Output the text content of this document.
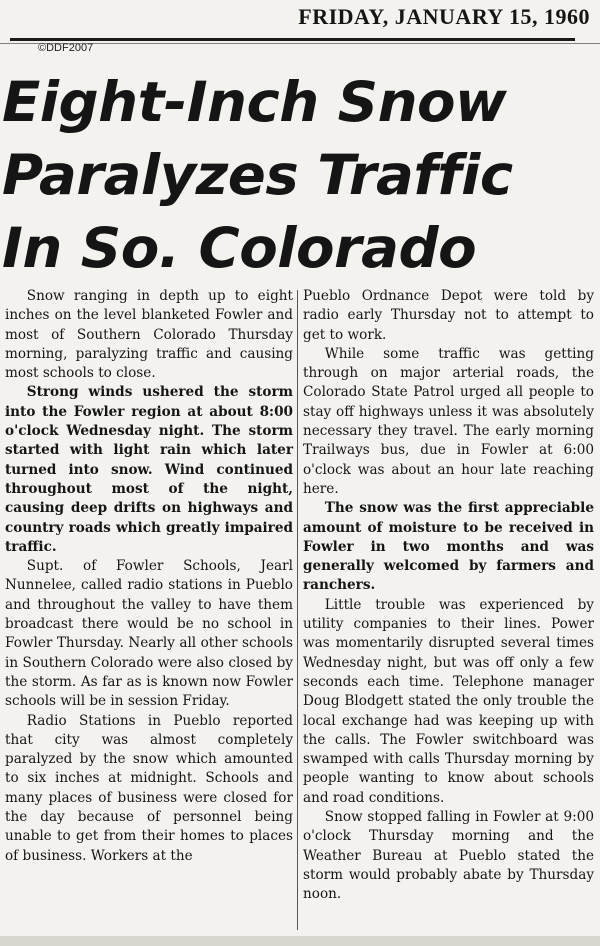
FRIDAY, JANUARY 15, 1960
©DDF2007
Eight-Inch Snow
Paralyzes Traffic
In So. Colorado

Snow ranging in depth up to eight inches on the level blanketed Fowler and most of Southern Colorado Thursday morning, paralyzing traffic and causing most schools to close.

Strong winds ushered the storm into the Fowler region at about 8:00 o'clock Wednesday night. The storm started with light rain which later turned into snow. Wind continued throughout most of the night, causing deep drifts on highways and country roads which greatly impaired traffic.

Supt. of Fowler Schools, Jearl Nunnelee, called radio stations in Pueblo and throughout the valley to have them broadcast there would be no school in Fowler Thursday. Nearly all other schools in Southern Colorado were also closed by the storm. As far as is known now Fowler schools will be in session Friday.

Radio Stations in Pueblo reported that city was almost completely paralyzed by the snow which amounted to six inches at midnight. Schools and many places of business were closed for the day because of personnel being unable to get from their homes to places of business. Workers at the

Pueblo Ordnance Depot were told by radio early Thursday not to attempt to get to work.

While some traffic was getting through on major arterial roads, the Colorado State Patrol urged all people to stay off highways unless it was absolutely necessary they travel. The early morning Trailways bus, due in Fowler at 6:00 o'clock was about an hour late reaching here.

The snow was the first appreciable amount of moisture to be received in Fowler in two months and was generally welcomed by farmers and ranchers.

Little trouble was experienced by utility companies to their lines. Power was momentarily disrupted several times Wednesday night, but was off only a few seconds each time. Telephone manager Doug Blodgett stated the only trouble the local exchange had was keeping up with the calls. The Fowler switchboard was swamped with calls Thursday morning by people wanting to know about schools and road conditions.

Snow stopped falling in Fowler at 9:00 o'clock Thursday morning and the Weather Bureau at Pueblo stated the storm would probably abate by Thursday noon.
